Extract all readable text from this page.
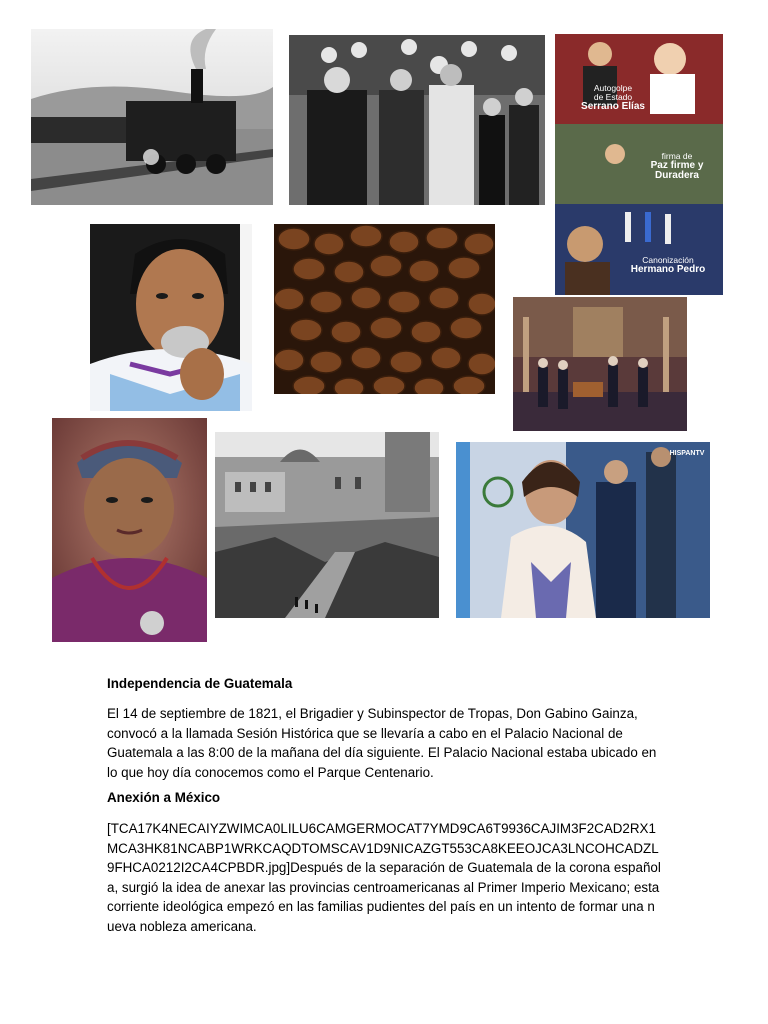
Autogolpe
de Estado
Serrano Elías
firma de
Paz firme y
Duradera
Canonización
Hermano Pedro
HISPANTV
Independencia de Guatemala

El 14 de septiembre de 1821, el Brigadier y Subinspector de Tropas, Don Gabino Gainza, convocó a la llamada Sesión Histórica que se llevaría a cabo en el Palacio Nacional de Guatemala a las 8:00 de la mañana del día siguiente. El Palacio Nacional estaba ubicado en lo que hoy día conocemos como el Parque Centenario.

Anexión a México

[TCA17K4NECAIYZWIMCA0LILU6CAMGERMOCAT7YMD9CA6T9936CAJIM3F2CAD2RX1MCA3HK81NCABP1WRKCAQDTOMSCAV1D9NICAZGT553CA8KEEOJCA3LNCOHCADZL9FHCA0212I2CA4CPBDR.jpg]Después de la separación de Guatemala de la corona española, surgió la idea de anexar las provincias centroamericanas al Primer Imperio Mexicano; esta corriente ideológica empezó en las familias pudientes del país en un intento de formar una nueva nobleza americana.
